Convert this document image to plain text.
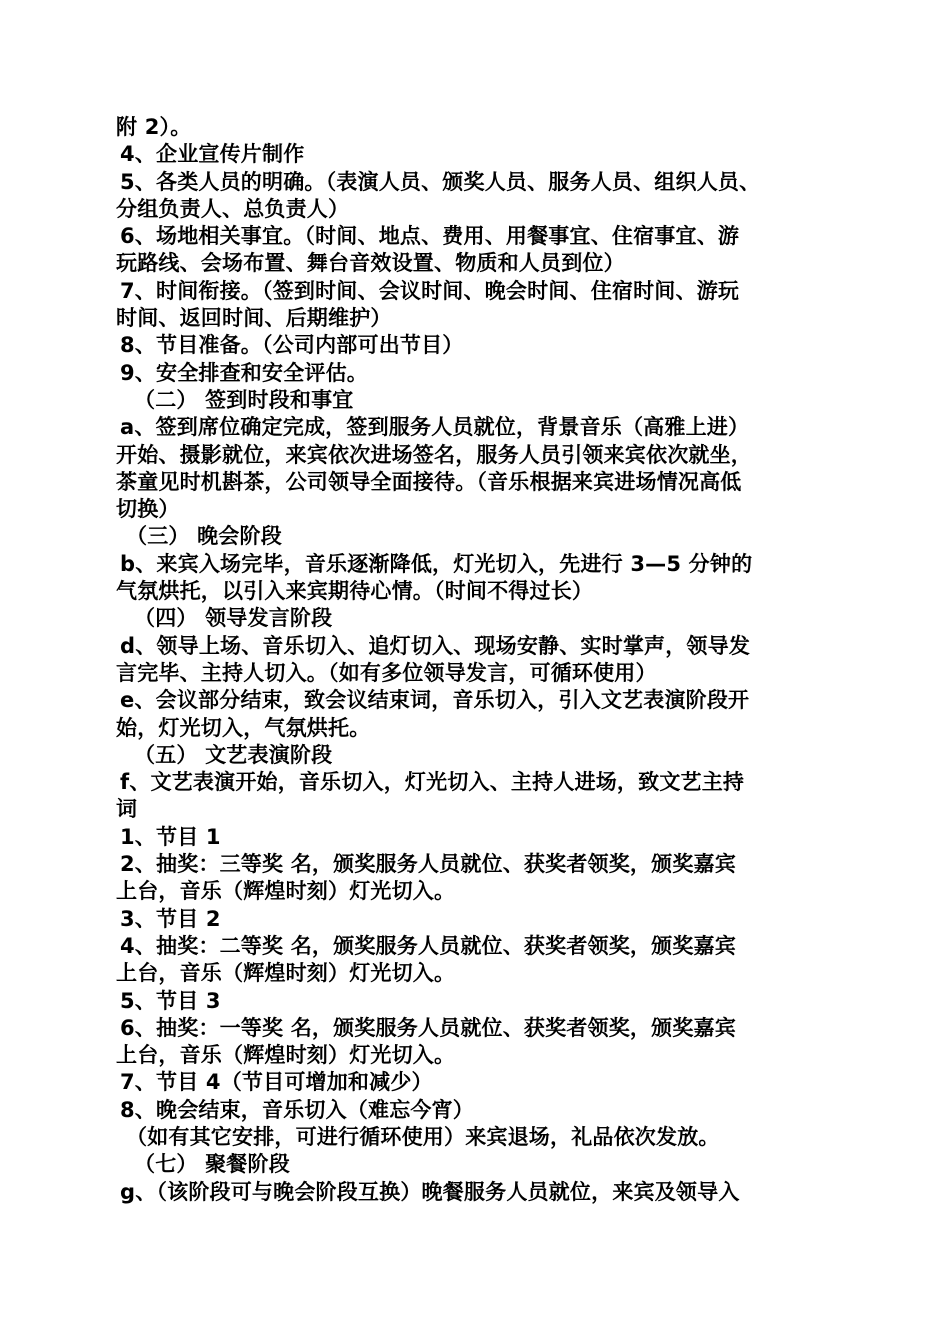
附 2）。
4、企业宣传片制作
5、各类人员的明确。（表演人员、颁奖人员、服务人员、组织人员、
分组负责人、总负责人）
6、场地相关事宜。（时间、地点、费用、用餐事宜、住宿事宜、游
玩路线、会场布置、舞台音效设置、物质和人员到位）
7、时间衔接。（签到时间、会议时间、晚会时间、住宿时间、游玩
时间、返回时间、后期维护）
8、节目准备。（公司内部可出节目）
9、安全排查和安全评估。
（二） 签到时段和事宜
a、签到席位确定完成，签到服务人员就位，背景音乐（高雅上进）
开始、摄影就位，来宾依次进场签名，服务人员引领来宾依次就坐，
茶童见时机斟茶，公司领导全面接待。（音乐根据来宾进场情况高低
切换）
（三） 晚会阶段
b、来宾入场完毕，音乐逐渐降低，灯光切入，先进行 3—5 分钟的
气氛烘托，以引入来宾期待心情。（时间不得过长）
（四） 领导发言阶段
d、领导上场、音乐切入、追灯切入、现场安静、实时掌声，领导发
言完毕、主持人切入。（如有多位领导发言，可循环使用）
e、会议部分结束，致会议结束词，音乐切入，引入文艺表演阶段开
始，灯光切入，气氛烘托。
（五） 文艺表演阶段
f、文艺表演开始，音乐切入，灯光切入、主持人进场，致文艺主持
词
1、节目 1
2、抽奖：三等奖 名，颁奖服务人员就位、获奖者领奖，颁奖嘉宾
上台，音乐（辉煌时刻）灯光切入。
3、节目 2
4、抽奖：二等奖 名，颁奖服务人员就位、获奖者领奖，颁奖嘉宾
上台，音乐（辉煌时刻）灯光切入。
5、节目 3
6、抽奖：一等奖 名，颁奖服务人员就位、获奖者领奖，颁奖嘉宾
上台，音乐（辉煌时刻）灯光切入。
7、节目 4（节目可增加和减少）
8、晚会结束，音乐切入（难忘今宵）
（如有其它安排，可进行循环使用）来宾退场，礼品依次发放。
（七） 聚餐阶段
g、（该阶段可与晚会阶段互换）晚餐服务人员就位，来宾及领导入
